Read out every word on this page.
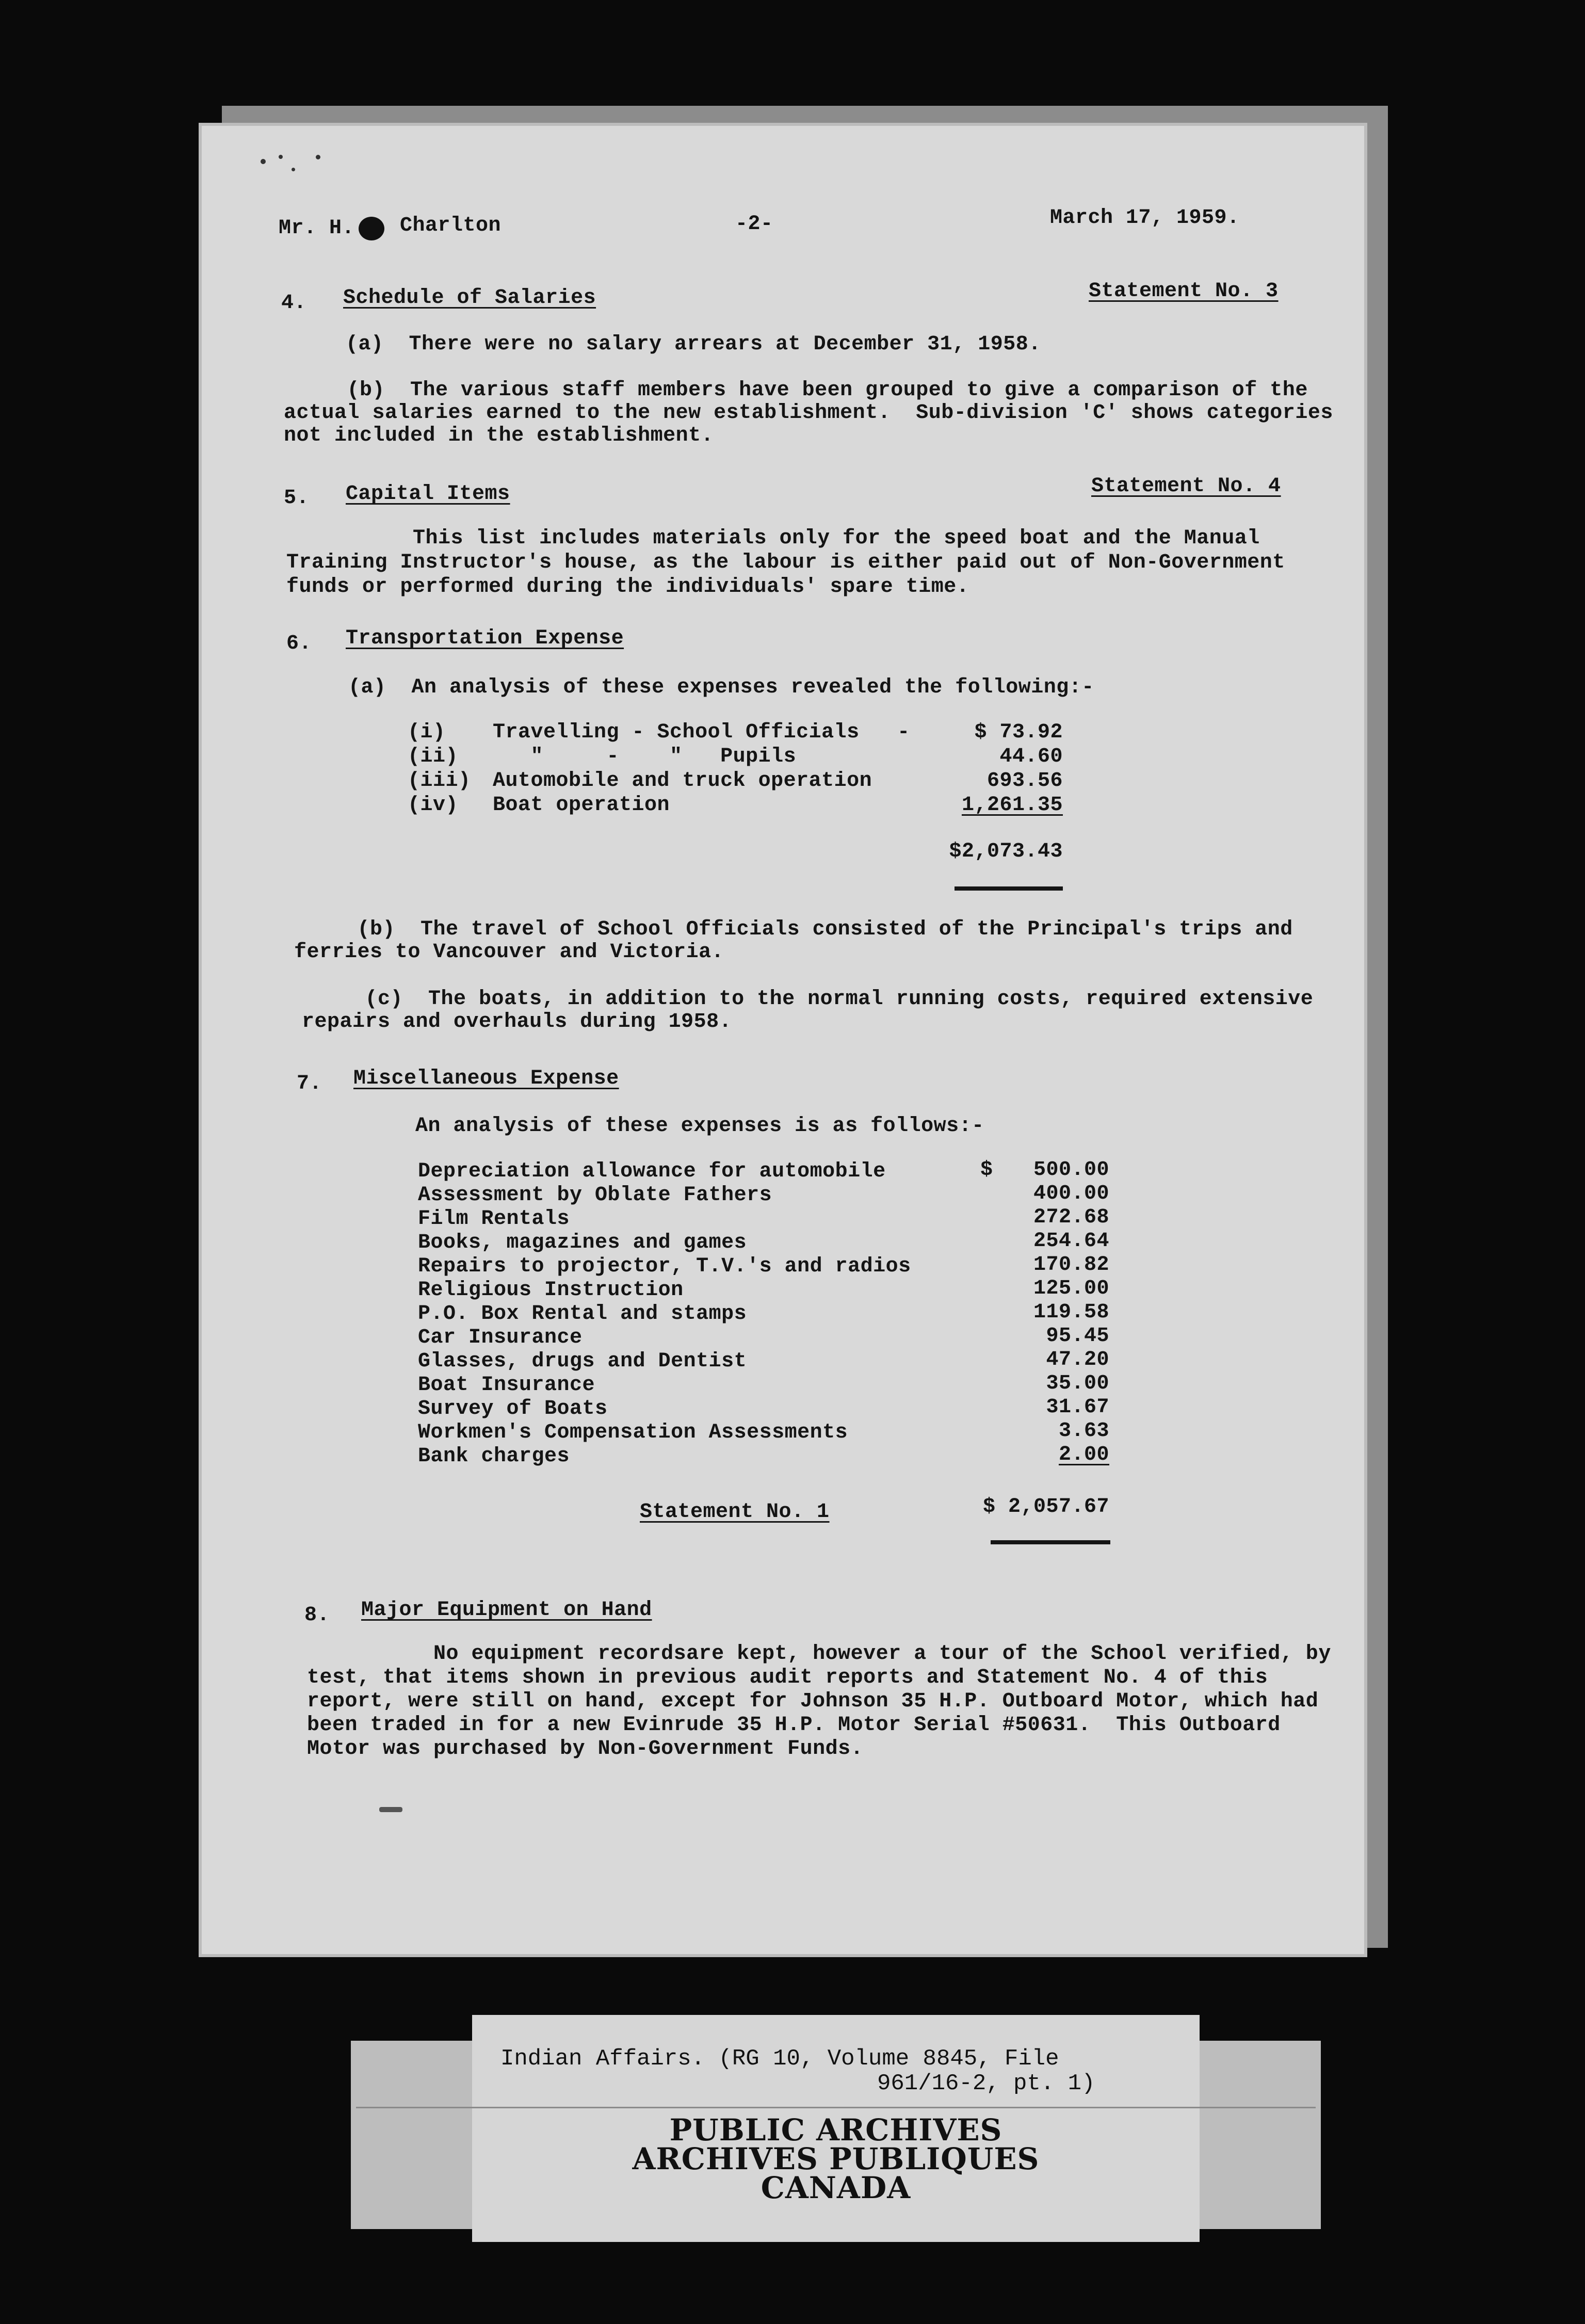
Mr. H. Charlton	-2-	March 17, 1959.
4. Schedule of Salaries	Statement No. 3
(a)  There were no salary arrears at December 31, 1958.
(b)  The various staff members have been grouped to give a comparison of the
actual salaries earned to the new establishment.  Sub-division 'C' shows categories
not included in the establishment.
5. Capital Items	Statement No. 4
This list includes materials only for the speed boat and the Manual
Training Instructor's house, as the labour is either paid out of Non-Government
funds or performed during the individuals' spare time.
6. Transportation Expense
(a)  An analysis of these expenses revealed the following:-
(i) Travelling - School Officials   -	$ 73.92
(ii) "     -    "   Pupils	44.60
(iii) Automobile and truck operation	693.56
(iv) Boat operation	1,261.35
$2,073.43
(b)  The travel of School Officials consisted of the Principal's trips and
ferries to Vancouver and Victoria.
(c)  The boats, in addition to the normal running costs, required extensive
repairs and overhauls during 1958.
7. Miscellaneous Expense
An analysis of these expenses is as follows:-
$
Depreciation allowance for automobile	500.00
Assessment by Oblate Fathers	400.00
Film Rentals	272.68
Books, magazines and games	254.64
Repairs to projector, T.V.'s and radios	170.82
Religious Instruction	125.00
P.O. Box Rental and stamps	119.58
Car Insurance	95.45
Glasses, drugs and Dentist	47.20
Boat Insurance	35.00
Survey of Boats	31.67
Workmen's Compensation Assessments	3.63
Bank charges	2.00
Statement No. 1	$ 2,057.67
8. Major Equipment on Hand
No equipment recordsare kept, however a tour of the School verified, by
test, that items shown in previous audit reports and Statement No. 4 of this
report, were still on hand, except for Johnson 35 H.P. Outboard Motor, which had
been traded in for a new Evinrude 35 H.P. Motor Serial #50631.  This Outboard
Motor was purchased by Non-Government Funds.
Indian Affairs. (RG 10, Volume 8845, File
961/16-2, pt. 1)
PUBLIC ARCHIVES
ARCHIVES PUBLIQUES
CANADA
